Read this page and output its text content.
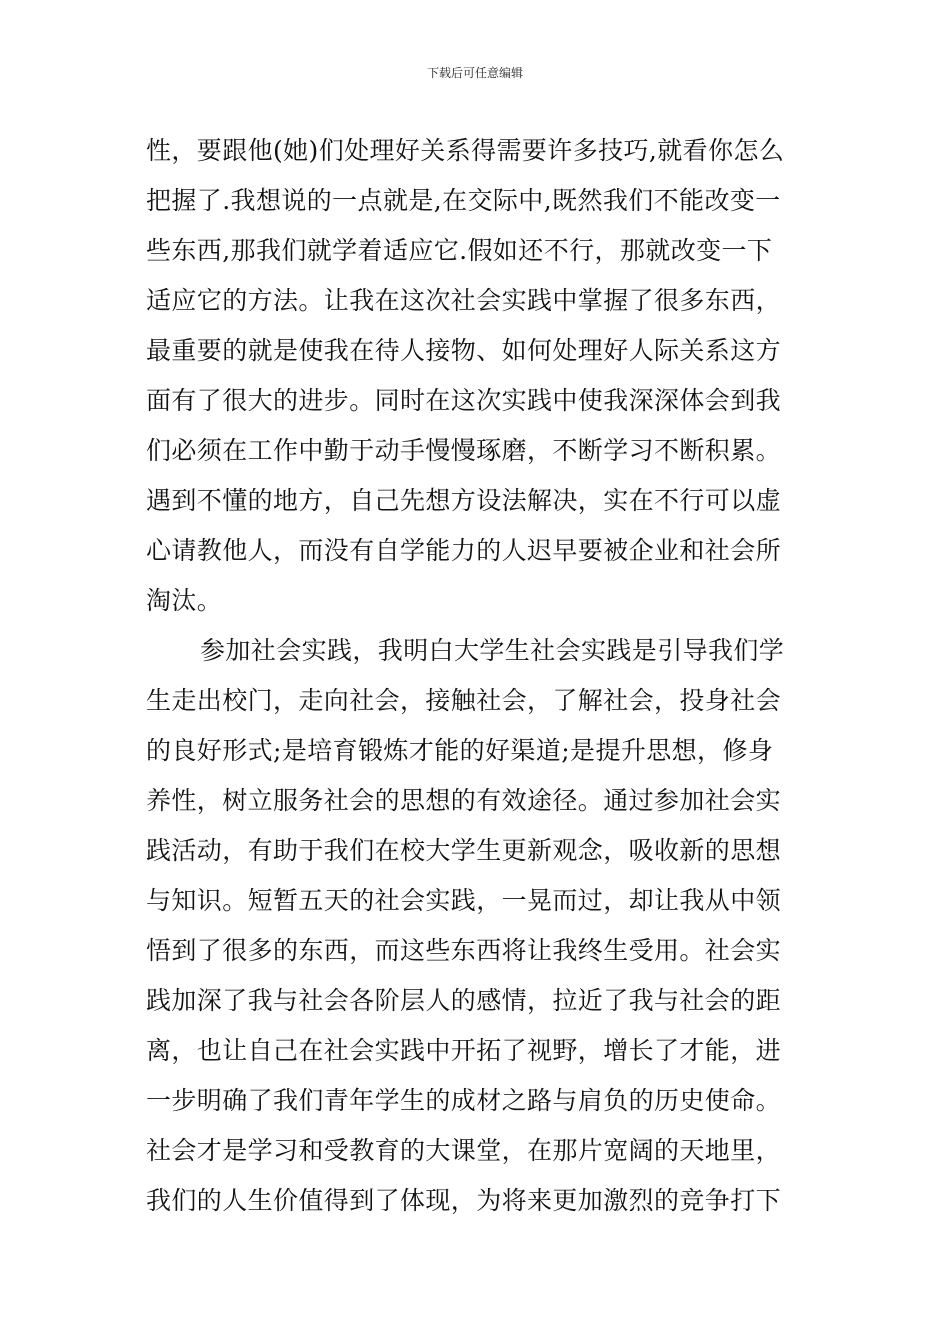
下载后可任意编辑
性，要跟他(她)们处理好关系得需要许多技巧,就看你怎么
把握了.我想说的一点就是,在交际中,既然我们不能改变一
些东西,那我们就学着适应它.假如还不行，那就改变一下
适应它的方法。让我在这次社会实践中掌握了很多东西，
最重要的就是使我在待人接物、如何处理好人际关系这方
面有了很大的进步。同时在这次实践中使我深深体会到我
们必须在工作中勤于动手慢慢琢磨，不断学习不断积累。
遇到不懂的地方，自己先想方设法解决，实在不行可以虚
心请教他人，而没有自学能力的人迟早要被企业和社会所
淘汰。
参加社会实践，我明白大学生社会实践是引导我们学
生走出校门，走向社会，接触社会，了解社会，投身社会
的良好形式;是培育锻炼才能的好渠道;是提升思想，修身
养性，树立服务社会的思想的有效途径。通过参加社会实
践活动，有助于我们在校大学生更新观念，吸收新的思想
与知识。短暂五天的社会实践，一晃而过，却让我从中领
悟到了很多的东西，而这些东西将让我终生受用。社会实
践加深了我与社会各阶层人的感情，拉近了我与社会的距
离，也让自己在社会实践中开拓了视野，增长了才能，进
一步明确了我们青年学生的成材之路与肩负的历史使命。
社会才是学习和受教育的大课堂，在那片宽阔的天地里，
我们的人生价值得到了体现，为将来更加激烈的竞争打下
